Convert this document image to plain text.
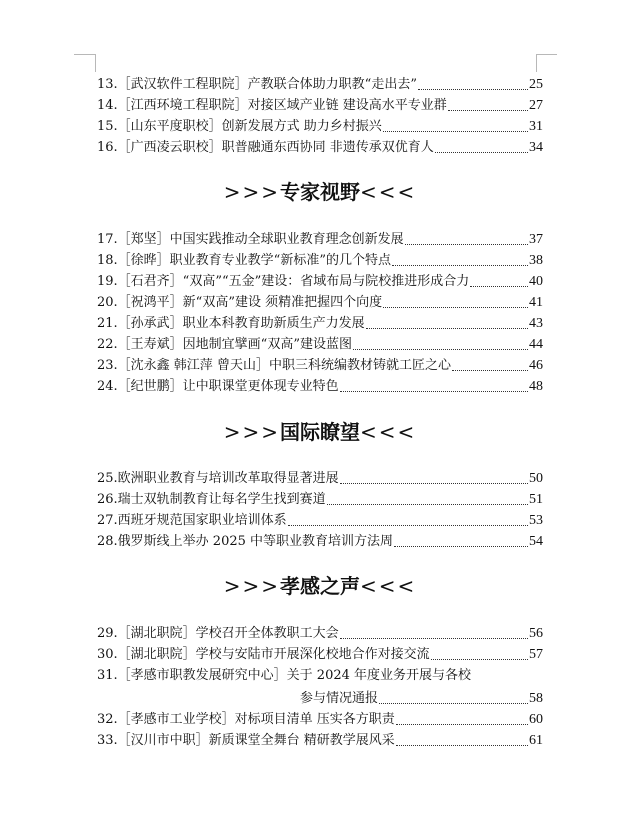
13.［武汉软件工程职院］产教联合体助力职教“走出去”	25
14.［江西环境工程职院］对接区域产业链 建设高水平专业群	27
15.［山东平度职校］创新发展方式 助力乡村振兴	31
16.［广西凌云职校］职普融通东西协同 非遗传承双优育人	34
>>>专家视野<<<
17.［郑坚］中国实践推动全球职业教育理念创新发展	37
18.［徐晔］职业教育专业教学“新标准”的几个特点	38
19.［石君齐］“双高”“五金”建设：省域布局与院校推进形成合力	40
20.［祝鸿平］新“双高”建设 须精准把握四个向度	41
21.［孙承武］职业本科教育助新质生产力发展	43
22.［王寿斌］因地制宜擘画“双高”建设蓝图	44
23.［沈永鑫 韩江萍 曾天山］中职三科统编教材铸就工匠之心	46
24.［纪世鹏］让中职课堂更体现专业特色	48
>>>国际瞭望<<<
25.欧洲职业教育与培训改革取得显著进展	50
26.瑞士双轨制教育让每名学生找到赛道	51
27.西班牙规范国家职业培训体系	53
28.俄罗斯线上举办 2025 中等职业教育培训方法周	54
>>>孝感之声<<<
29.［湖北职院］学校召开全体教职工大会	56
30.［湖北职院］学校与安陆市开展深化校地合作对接交流	57
31.［孝感市职教发展研究中心］关于 2024 年度业务开展与各校
参与情况通报	58
32.［孝感市工业学校］对标项目清单 压实各方职责	60
33.［汉川市中职］新质课堂全舞台 精研教学展风采	61
